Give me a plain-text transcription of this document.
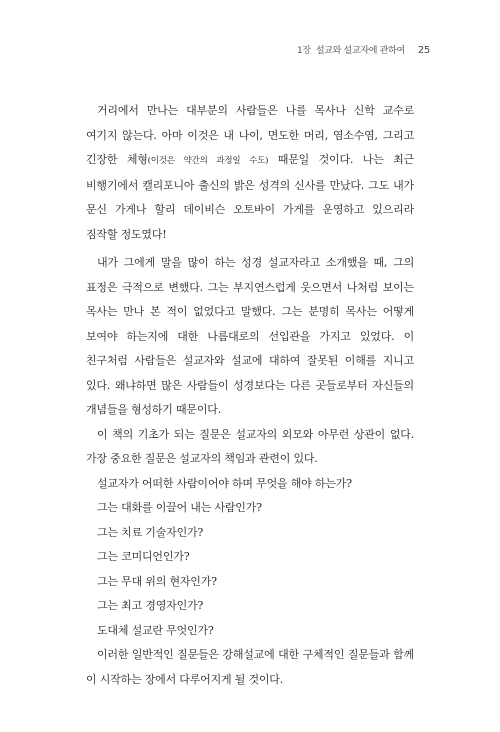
1장 설교와 설교자에 관하여 25

거리에서 만나는 대부분의 사람들은 나를 목사나 신학 교수로 여기지 않는다. 아마 이것은 내 나이, 면도한 머리, 염소수염, 그리고 긴장한 체형(이것은 약간의 과정일 수도) 때문일 것이다. 나는 최근 비행기에서 캘리포니아 출신의 밝은 성격의 신사를 만났다. 그도 내가 문신 가게나 할리 데이비슨 오토바이 가게를 운영하고 있으리라 짐작할 정도였다!

내가 그에게 말을 많이 하는 성경 설교자라고 소개했을 때, 그의 표정은 극적으로 변했다. 그는 부지연스럽게 웃으면서 나처럼 보이는 목사는 만나 본 적이 없었다고 말했다. 그는 분명히 목사는 어떻게 보여야 하는지에 대한 나름대로의 선입관을 가지고 있었다. 이 친구처럼 사람들은 설교자와 설교에 대하여 잘못된 이해를 지니고 있다. 왜냐하면 많은 사람들이 성경보다는 다른 곳들로부터 자신들의 개념들을 형성하기 때문이다.

이 책의 기초가 되는 질문은 설교자의 외모와 아무런 상관이 없다. 가장 중요한 질문은 설교자의 책임과 관련이 있다.

설교자가 어떠한 사람이어야 하며 무엇을 해야 하는가?

그는 대화를 이끌어 내는 사람인가?

그는 치료 기술자인가?

그는 코미디언인가?

그는 무대 위의 현자인가?

그는 최고 경영자인가?

도대체 설교란 무엇인가?

이러한 일반적인 질문들은 강해설교에 대한 구체적인 질문들과 함께 이 시작하는 장에서 다루어지게 될 것이다.
